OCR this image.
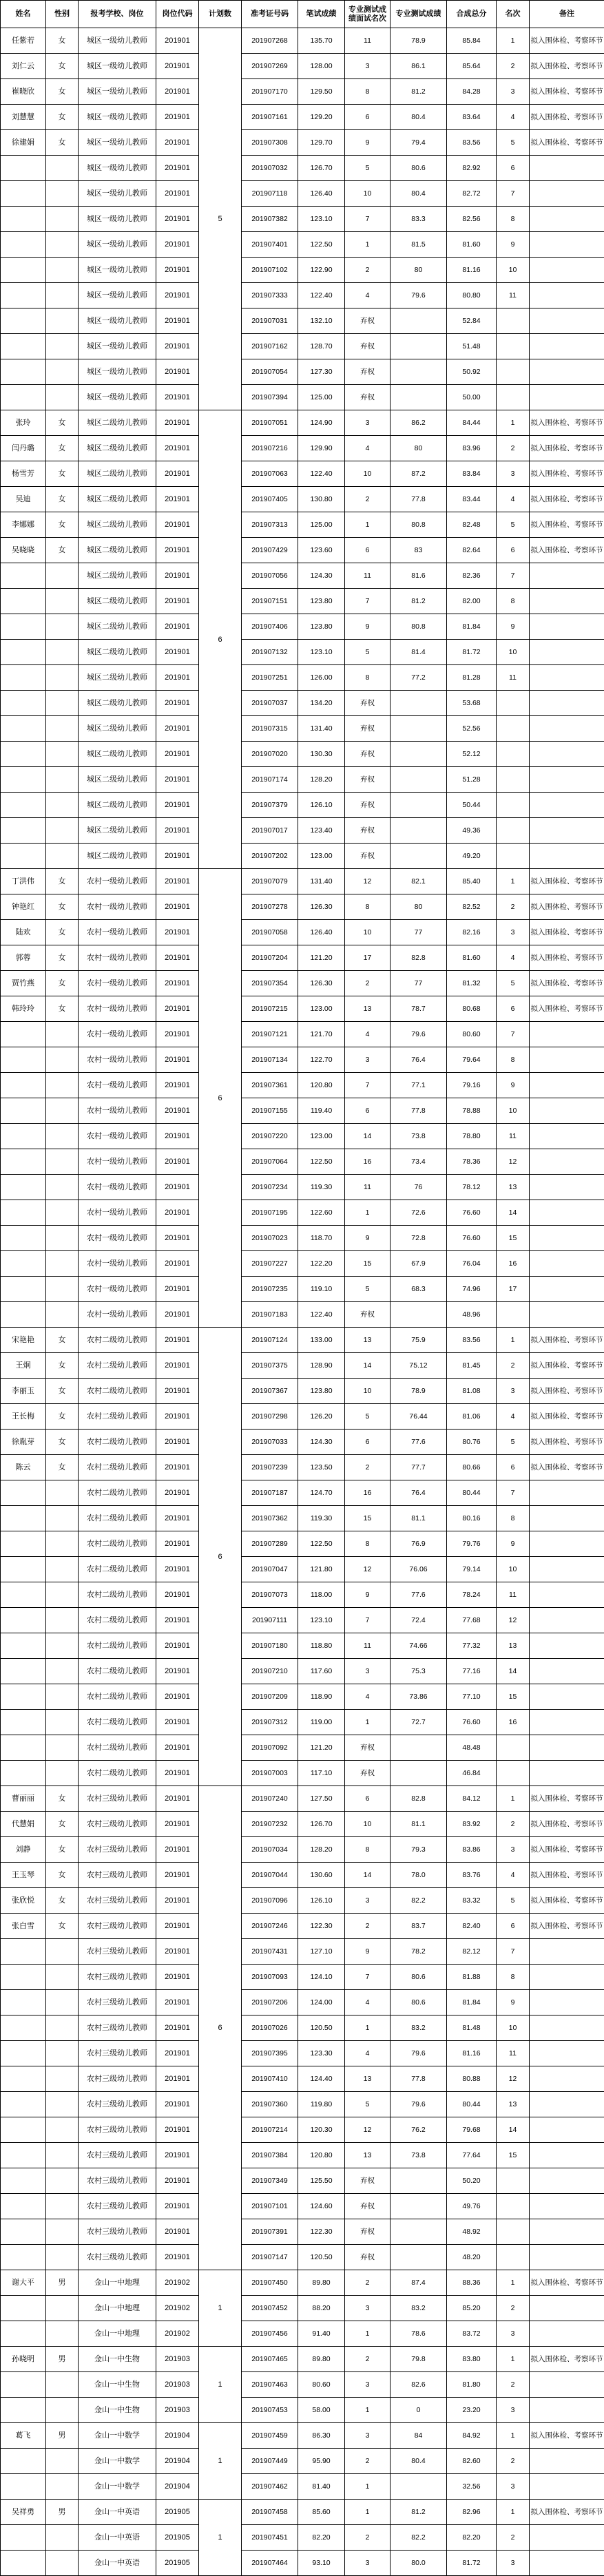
姓名	性别	报考学校、岗位	岗位代码	计划数	准考证号码	笔试成绩	专业测试成绩面试名次	专业测试成绩	合成总分	名次	备注
任紫若	女	城区一级幼儿教师	201901	5	201907268	135.70	11	78.9	85.84	1	拟入围体检、考察环节
刘仁云	女	城区一级幼儿教师	201901		201907269	128.00	3	86.1	85.64	2	拟入围体检、考察环节
崔晓欣	女	城区一级幼儿教师	201901		201907170	129.50	8	81.2	84.28	3	拟入围体检、考察环节
刘慧慧	女	城区一级幼儿教师	201901		201907161	129.20	6	80.4	83.64	4	拟入围体检、考察环节
徐建娟	女	城区一级幼儿教师	201901		201907308	129.70	9	79.4	83.56	5	拟入围体检、考察环节
		城区一级幼儿教师	201901		201907032	126.70	5	80.6	82.92	6	
		城区一级幼儿教师	201901		201907118	126.40	10	80.4	82.72	7	
		城区一级幼儿教师	201901		201907382	123.10	7	83.3	82.56	8	
		城区一级幼儿教师	201901		201907401	122.50	1	81.5	81.60	9	
		城区一级幼儿教师	201901		201907102	122.90	2	80	81.16	10	
		城区一级幼儿教师	201901		201907333	122.40	4	79.6	80.80	11	
		城区一级幼儿教师	201901		201907031	132.10	弃权		52.84		
		城区一级幼儿教师	201901		201907162	128.70	弃权		51.48		
		城区一级幼儿教师	201901		201907054	127.30	弃权		50.92		
		城区一级幼儿教师	201901		201907394	125.00	弃权		50.00		
张玲	女	城区二级幼儿教师	201901	6	201907051	124.90	3	86.2	84.44	1	拟入围体检、考察环节
闫丹璐	女	城区二级幼儿教师	201901		201907216	129.90	4	80	83.96	2	拟入围体检、考察环节
杨雪芳	女	城区二级幼儿教师	201901		201907063	122.40	10	87.2	83.84	3	拟入围体检、考察环节
吴迪	女	城区二级幼儿教师	201901		201907405	130.80	2	77.8	83.44	4	拟入围体检、考察环节
李娜娜	女	城区二级幼儿教师	201901		201907313	125.00	1	80.8	82.48	5	拟入围体检、考察环节
吴晓晓	女	城区二级幼儿教师	201901		201907429	123.60	6	83	82.64	6	拟入围体检、考察环节
		城区二级幼儿教师	201901		201907056	124.30	11	81.6	82.36	7	
		城区二级幼儿教师	201901		201907151	123.80	7	81.2	82.00	8	
		城区二级幼儿教师	201901		201907406	123.80	9	80.8	81.84	9	
		城区二级幼儿教师	201901		201907132	123.10	5	81.4	81.72	10	
		城区二级幼儿教师	201901		201907251	126.00	8	77.2	81.28	11	
		城区二级幼儿教师	201901		201907037	134.20	弃权		53.68		
		城区二级幼儿教师	201901		201907315	131.40	弃权		52.56		
		城区二级幼儿教师	201901		201907020	130.30	弃权		52.12		
		城区二级幼儿教师	201901		201907174	128.20	弃权		51.28		
		城区二级幼儿教师	201901		201907379	126.10	弃权		50.44		
		城区二级幼儿教师	201901		201907017	123.40	弃权		49.36		
		城区二级幼儿教师	201901		201907202	123.00	弃权		49.20		
丁洪伟	女	农村一级幼儿教师	201901	6	201907079	131.40	12	82.1	85.40	1	拟入围体检、考察环节
钟艳红	女	农村一级幼儿教师	201901		201907278	126.30	8	80	82.52	2	拟入围体检、考察环节
陆欢	女	农村一级幼儿教师	201901		201907058	126.40	10	77	82.16	3	拟入围体检、考察环节
郭蓉	女	农村一级幼儿教师	201901		201907204	121.20	17	82.8	81.60	4	拟入围体检、考察环节
贾竹燕	女	农村一级幼儿教师	201901		201907354	126.30	2	77	81.32	5	拟入围体检、考察环节
韩玲玲	女	农村一级幼儿教师	201901		201907215	123.00	13	78.7	80.68	6	拟入围体检、考察环节
		农村一级幼儿教师	201901		201907121	121.70	4	79.6	80.60	7	
		农村一级幼儿教师	201901		201907134	122.70	3	76.4	79.64	8	
		农村一级幼儿教师	201901		201907361	120.80	7	77.1	79.16	9	
		农村一级幼儿教师	201901		201907155	119.40	6	77.8	78.88	10	
		农村一级幼儿教师	201901		201907220	123.00	14	73.8	78.80	11	
		农村一级幼儿教师	201901		201907064	122.50	16	73.4	78.36	12	
		农村一级幼儿教师	201901		201907234	119.30	11	76	78.12	13	
		农村一级幼儿教师	201901		201907195	122.60	1	72.6	76.60	14	
		农村一级幼儿教师	201901		201907023	118.70	9	72.8	76.60	15	
		农村一级幼儿教师	201901		201907227	122.20	15	67.9	76.04	16	
		农村一级幼儿教师	201901		201907235	119.10	5	68.3	74.96	17	
		农村一级幼儿教师	201901		201907183	122.40	弃权		48.96		
宋艳艳	女	农村二级幼儿教师	201901	6	201907124	133.00	13	75.9	83.56	1	拟入围体检、考察环节
王炯	女	农村二级幼儿教师	201901		201907375	128.90	14	75.12	81.45	2	拟入围体检、考察环节
李丽玉	女	农村二级幼儿教师	201901		201907367	123.80	10	78.9	81.08	3	拟入围体检、考察环节
王长梅	女	农村二级幼儿教师	201901		201907298	126.20	5	76.44	81.06	4	拟入围体检、考察环节
徐胤芽	女	农村二级幼儿教师	201901		201907033	124.30	6	77.6	80.76	5	拟入围体检、考察环节
陈云	女	农村二级幼儿教师	201901		201907239	123.50	2	77.7	80.66	6	拟入围体检、考察环节
		农村二级幼儿教师	201901		201907187	124.70	16	76.4	80.44	7	
		农村二级幼儿教师	201901		201907362	119.30	15	81.1	80.16	8	
		农村二级幼儿教师	201901		201907289	122.50	8	76.9	79.76	9	
		农村二级幼儿教师	201901		201907047	121.80	12	76.06	79.14	10	
		农村二级幼儿教师	201901		201907073	118.00	9	77.6	78.24	11	
		农村二级幼儿教师	201901		201907111	123.10	7	72.4	77.68	12	
		农村二级幼儿教师	201901		201907180	118.80	11	74.66	77.32	13	
		农村二级幼儿教师	201901		201907210	117.60	3	75.3	77.16	14	
		农村二级幼儿教师	201901		201907209	118.90	4	73.86	77.10	15	
		农村二级幼儿教师	201901		201907312	119.00	1	72.7	76.60	16	
		农村二级幼儿教师	201901		201907092	121.20	弃权		48.48		
		农村二级幼儿教师	201901		201907003	117.10	弃权		46.84		
曹丽丽	女	农村三级幼儿教师	201901	6	201907240	127.50	6	82.8	84.12	1	拟入围体检、考察环节
代慧娟	女	农村三级幼儿教师	201901		201907232	126.70	10	81.1	83.92	2	拟入围体检、考察环节
刘静	女	农村三级幼儿教师	201901		201907034	128.20	8	79.3	83.86	3	拟入围体检、考察环节
王玉琴	女	农村三级幼儿教师	201901		201907044	130.60	14	78.0	83.76	4	拟入围体检、考察环节
张欣悦	女	农村三级幼儿教师	201901		201907096	126.10	3	82.2	83.32	5	拟入围体检、考察环节
张白雪	女	农村三级幼儿教师	201901		201907246	122.30	2	83.7	82.40	6	拟入围体检、考察环节
		农村三级幼儿教师	201901		201907431	127.10	9	78.2	82.12	7	
		农村三级幼儿教师	201901		201907093	124.10	7	80.6	81.88	8	
		农村三级幼儿教师	201901		201907206	124.00	4	80.6	81.84	9	
		农村三级幼儿教师	201901		201907026	120.50	1	83.2	81.48	10	
		农村三级幼儿教师	201901		201907395	123.30	4	79.6	81.16	11	
		农村三级幼儿教师	201901		201907410	124.40	13	77.8	80.88	12	
		农村三级幼儿教师	201901		201907360	119.80	5	79.6	80.44	13	
		农村三级幼儿教师	201901		201907214	120.30	12	76.2	79.68	14	
		农村三级幼儿教师	201901		201907384	120.80	13	73.8	77.64	15	
		农村三级幼儿教师	201901		201907349	125.50	弃权		50.20		
		农村三级幼儿教师	201901		201907101	124.60	弃权		49.76		
		农村三级幼儿教师	201901		201907391	122.30	弃权		48.92		
		农村三级幼儿教师	201901		201907147	120.50	弃权		48.20		
谢大平	男	金山一中地理	201902	1	201907450	89.80	2	87.4	88.36	1	拟入围体检、考察环节
		金山一中地理	201902		201907452	88.20	3	83.2	85.20	2	
		金山一中地理	201902		201907456	91.40	1	78.6	83.72	3	
孙晓明	男	金山一中生物	201903	1	201907465	89.80	2	79.8	83.80	1	拟入围体检、考察环节
		金山一中生物	201903		201907463	80.60	3	82.6	81.80	2	
		金山一中生物	201903		201907453	58.00	1	0	23.20	3	
葛飞	男	金山一中数学	201904	1	201907459	86.30	3	84	84.92	1	拟入围体检、考察环节
		金山一中数学	201904		201907449	95.90	2	80.4	82.60	2	
		金山一中数学	201904		201907462	81.40	1		32.56	3	
吴祥勇	男	金山一中英语	201905	1	201907458	85.60	1	81.2	82.96	1	拟入围体检、考察环节
		金山一中英语	201905		201907451	82.20	2	82.2	82.20	2	
		金山一中英语	201905		201907464	93.10	3	80.0	81.72	3	
